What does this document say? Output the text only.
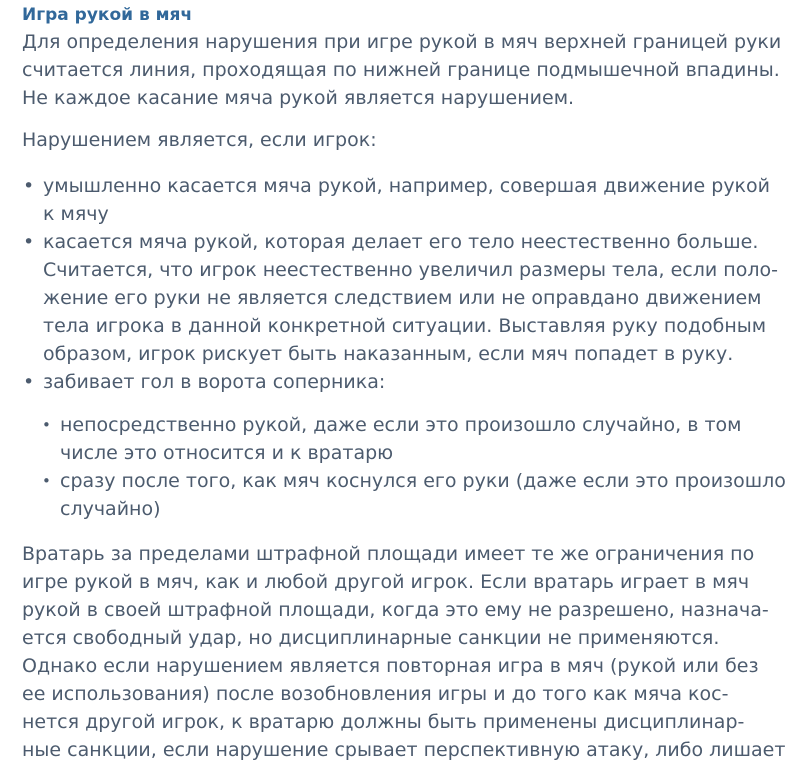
Игра рукой в мяч
Для определения нарушения при игре рукой в мяч верхней границей руки
считается линия, проходящая по нижней границе подмышечной впадины.
Не каждое касание мяча рукой является нарушением.
Нарушением является, если игрок:
• умышленно касается мяча рукой, например, совершая движение рукой
к мячу
• касается мяча рукой, которая делает его тело неестественно больше.
Считается, что игрок неестественно увеличил размеры тела, если поло-
жение его руки не является следствием или не оправдано движением
тела игрока в данной конкретной ситуации. Выставляя руку подобным
образом, игрок рискует быть наказанным, если мяч попадет в руку.
• забивает гол в ворота соперника:
• непосредственно рукой, даже если это произошло случайно, в том
числе это относится и к вратарю
• сразу после того, как мяч коснулся его руки (даже если это произошло
случайно)
Вратарь за пределами штрафной площади имеет те же ограничения по
игре рукой в мяч, как и любой другой игрок. Если вратарь играет в мяч
рукой в своей штрафной площади, когда это ему не разрешено, назнача-
ется свободный удар, но дисциплинарные санкции не применяются.
Однако если нарушением является повторная игра в мяч (рукой или без
ее использования) после возобновления игры и до того как мяча кос-
нется другой игрок, к вратарю должны быть применены дисциплинар-
ные санкции, если нарушение срывает перспективную атаку, либо лишает
